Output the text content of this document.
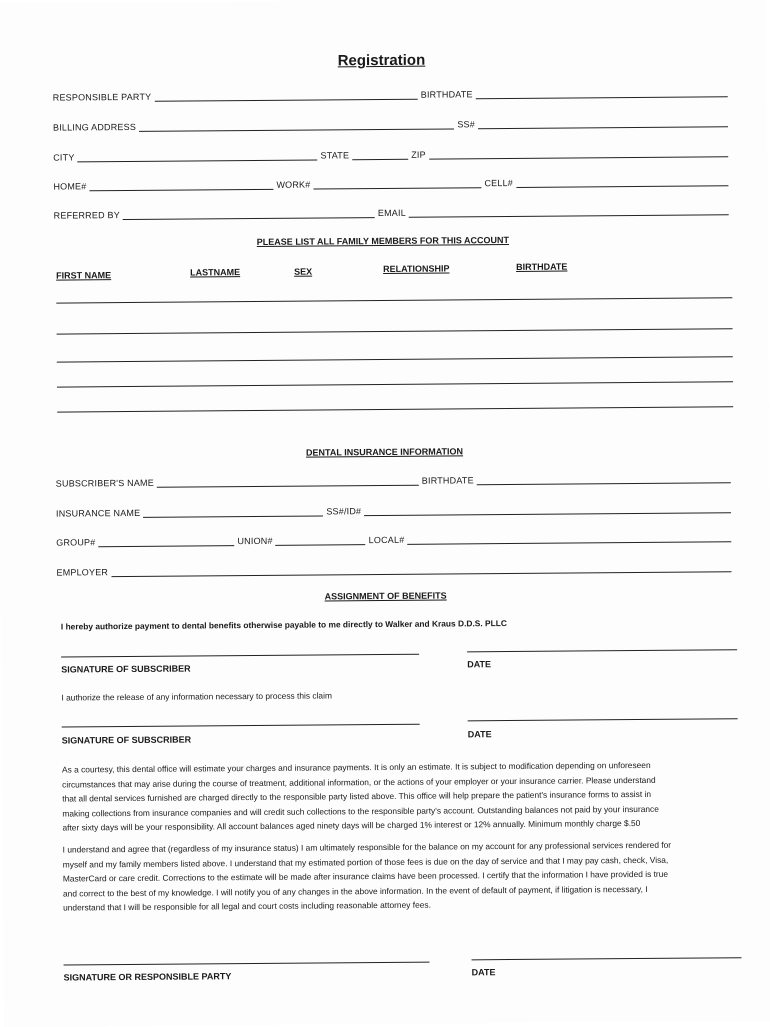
Registration
RESPONSIBLE PARTY	BIRTHDATE
BILLING ADDRESS	SS#
CITY	STATE	ZIP
HOME#	WORK#	CELL#
REFERRED BY	EMAIL
PLEASE LIST ALL FAMILY MEMBERS FOR THIS ACCOUNT
FIRST NAME	LASTNAME	SEX	RELATIONSHIP	BIRTHDATE
DENTAL INSURANCE INFORMATION
SUBSCRIBER'S NAME	BIRTHDATE
INSURANCE NAME	SS#/ID#
GROUP#	UNION#	LOCAL#
EMPLOYER
ASSIGNMENT OF BENEFITS
I hereby authorize payment to dental benefits otherwise payable to me directly to Walker and Kraus D.D.S. PLLC
SIGNATURE OF SUBSCRIBER	DATE
I authorize the release of any information necessary to process this claim
SIGNATURE OF SUBSCRIBER
DATE
As a courtesy, this dental office will estimate your charges and insurance payments. It is only an estimate. It is subject to modification depending on unforeseen
circumstances that may arise during the course of treatment, additional information, or the actions of your employer or your insurance carrier. Please understand
that all dental services furnished are charged directly to the responsible party listed above. This office will help prepare the patient's insurance forms to assist in
making collections from insurance companies and will credit such collections to the responsible party's account. Outstanding balances not paid by your insurance
after sixty days will be your responsibility. All account balances aged ninety days will be charged 1% interest or 12% annually. Minimum monthly charge $.50
I understand and agree that (regardless of my insurance status) I am ultimately responsible for the balance on my account for any professional services rendered for
myself and my family members listed above. I understand that my estimated portion of those fees is due on the day of service and that I may pay cash, check, Visa,
MasterCard or care credit. Corrections to the estimate will be made after insurance claims have been processed. I certify that the information I have provided is true
and correct to the best of my knowledge. I will notify you of any changes in the above information. In the event of default of payment, if litigation is necessary, I
understand that I will be responsible for all legal and court costs including reasonable attorney fees.
SIGNATURE OR RESPONSIBLE PARTY	DATE
